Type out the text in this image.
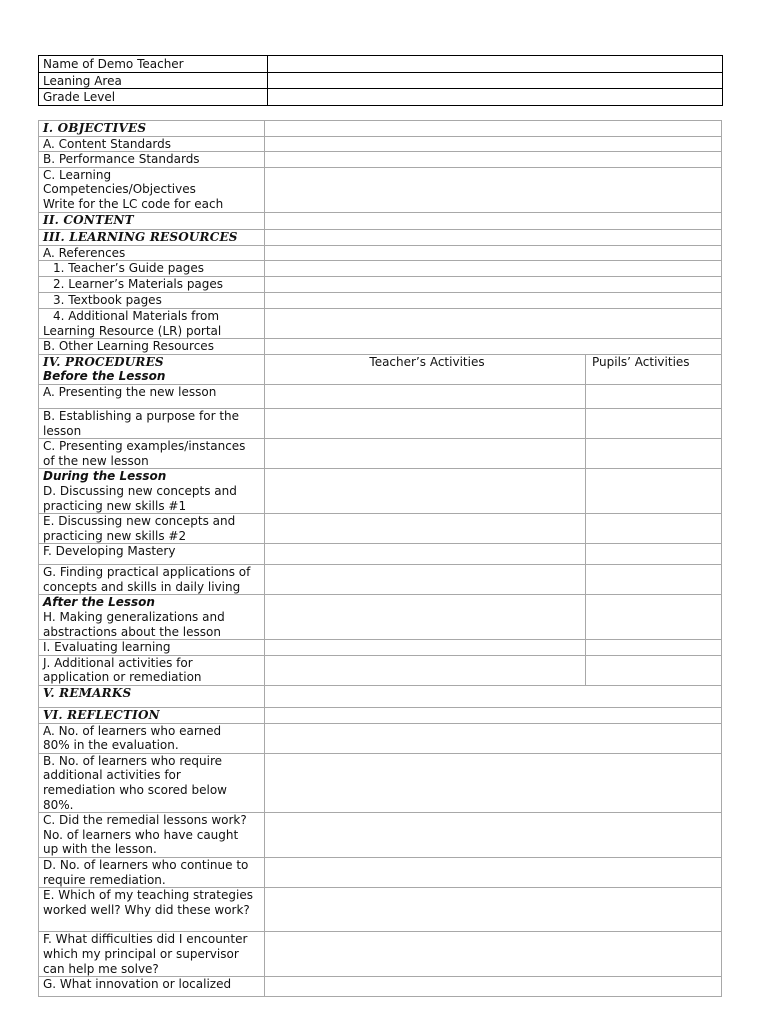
Name of Demo Teacher	
Leaning Area	
Grade Level	
I. OBJECTIVES		
A. Content Standards		
B. Performance Standards		

C. Learning
Competencies/Objectives
Write for the LC code for each		

II. CONTENT		
III. LEARNING RESOURCES		
A. References		
1. Teacher’s Guide pages		
2. Learner’s Materials pages		
3. Textbook pages		

4. Additional Materials from
Learning Resource (LR) portal		

B. Other Learning Resources		

IV. PROCEDURES
Before the Lesson	Teacher’s Activities	Pupils’ Activities
A. Presenting the new lesson		

B. Establishing a purpose for the
lesson		

C. Presenting examples/instances
of the new lesson		

During the Lesson
D. Discussing new concepts and
practicing new skills #1		

E. Discussing new concepts and
practicing new skills #2		

F. Developing Mastery		

G. Finding practical applications of
concepts and skills in daily living		

After the Lesson
H. Making generalizations and
abstractions about the lesson		

I. Evaluating learning		

J. Additional activities for
application or remediation		

V. REMARKS		
VI. REFLECTION		

A. No. of learners who earned
80% in the evaluation.		

B. No. of learners who require
additional activities for
remediation who scored below
80%.		

C. Did the remedial lessons work?
No. of learners who have caught
up with the lesson.		

D. No. of learners who continue to
require remediation.		

E. Which of my teaching strategies
worked well? Why did these work?		

F. What difficulties did I encounter
which my principal or supervisor
can help me solve?		

G. What innovation or localized		
